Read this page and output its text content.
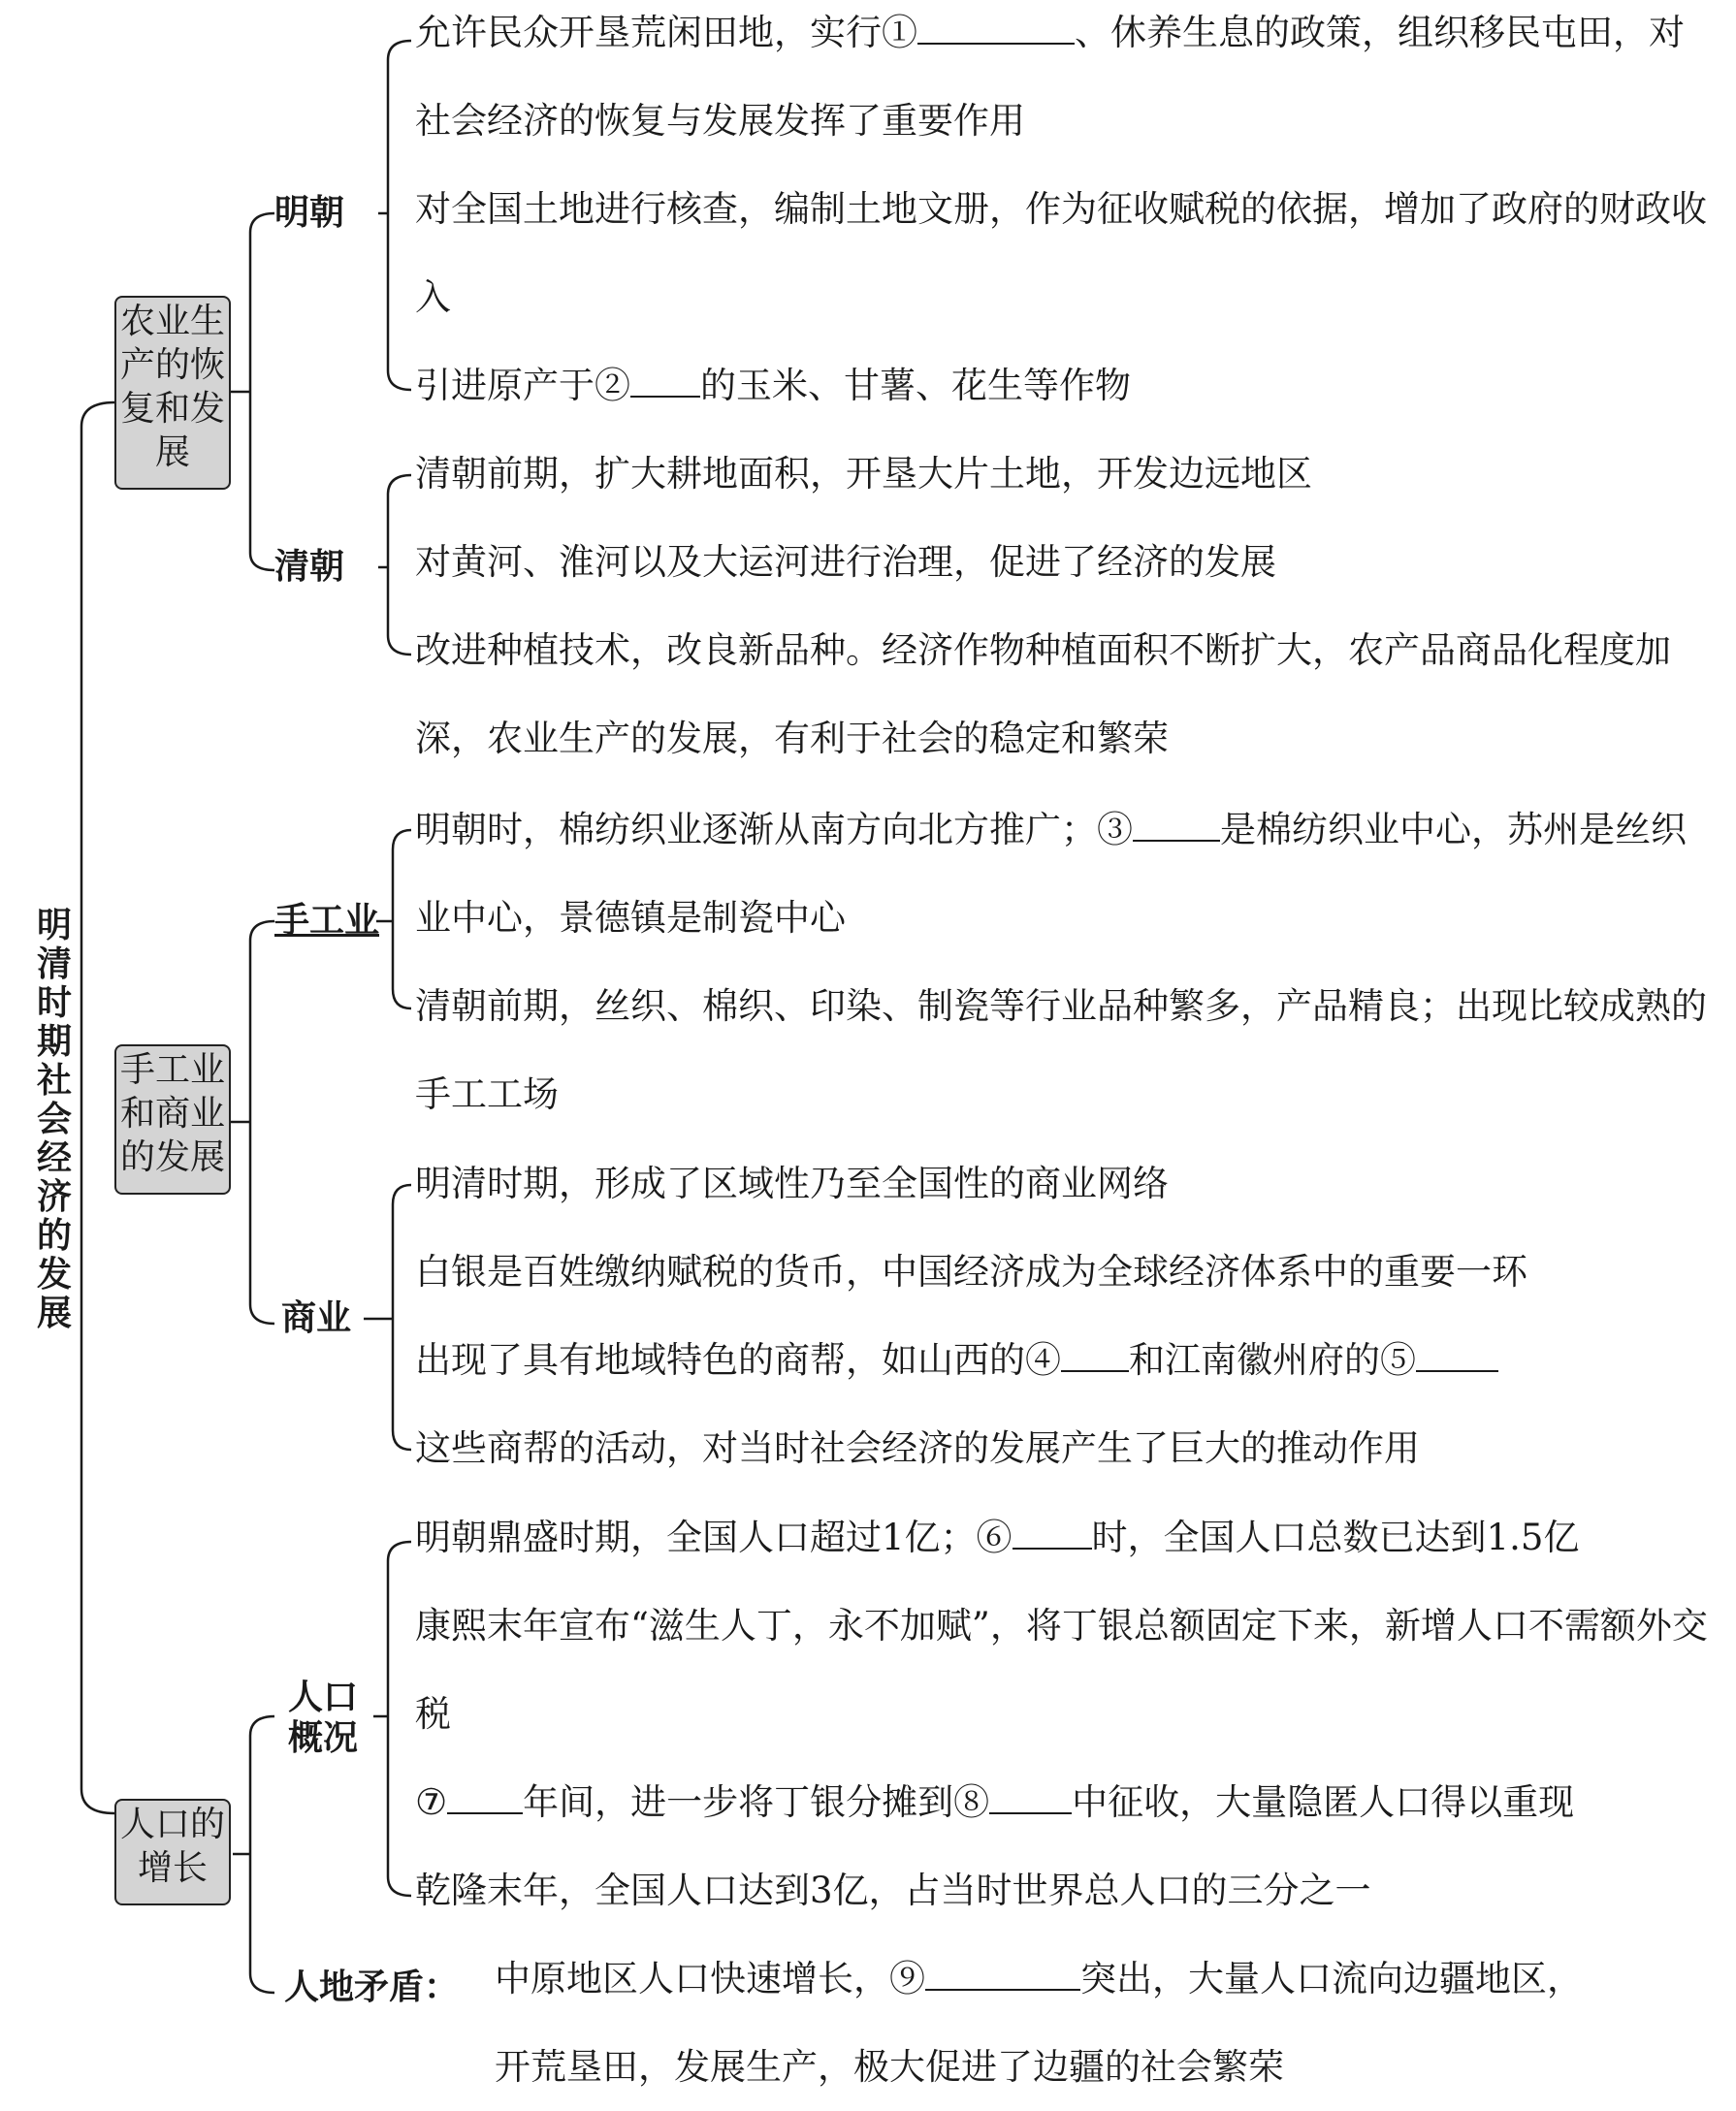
明清时期社会经济的发展
农业生产的恢复和发展
明朝
清朝
允许民众开垦荒闲田地，实行①	、休养生息的政策，组织移民屯田，对社会经济的恢复与发展发挥了重要作用
对全国土地进行核查，编制土地文册，作为征收赋税的依据，增加了政府的财政收入
引进原产于② 的玉米、甘薯、花生等作物
清朝前期，扩大耕地面积，开垦大片土地，开发边远地区
对黄河、淮河以及大运河进行治理，促进了经济的发展
改进种植技术，改良新品种。经济作物种植面积不断扩大，农产品商品化程度加深，农业生产的发展，有利于社会的稳定和繁荣
手工业和商业的发展
手工业
商业
明朝时，棉纺织业逐渐从南方向北方推广；③ 是棉纺织业中心，苏州是丝织业中心，景德镇是制瓷中心
清朝前期，丝织、棉织、印染、制瓷等行业品种繁多，产品精良；出现比较成熟的手工工场
明清时期，形成了区域性乃至全国性的商业网络
白银是百姓缴纳赋税的货币，中国经济成为全球经济体系中的重要一环
出现了具有地域特色的商帮，如山西的④ 和江南徽州府的⑤
这些商帮的活动，对当时社会经济的发展产生了巨大的推动作用
人口的增长
人口概况
人地矛盾：
明朝鼎盛时期，全国人口超过1亿；⑥ 时，全国人口总数已达到1.5亿
康熙末年宣布“滋生人丁，永不加赋”，将丁银总额固定下来，新增人口不需额外交税
⑦ 年间，进一步将丁银分摊到⑧ 中征收，大量隐匿人口得以重现
乾隆末年，全国人口达到3亿，占当时世界总人口的三分之一
中原地区人口快速增长，⑨	突出，大量人口流向边疆地区，
开荒垦田，发展生产，极大促进了边疆的社会繁荣
